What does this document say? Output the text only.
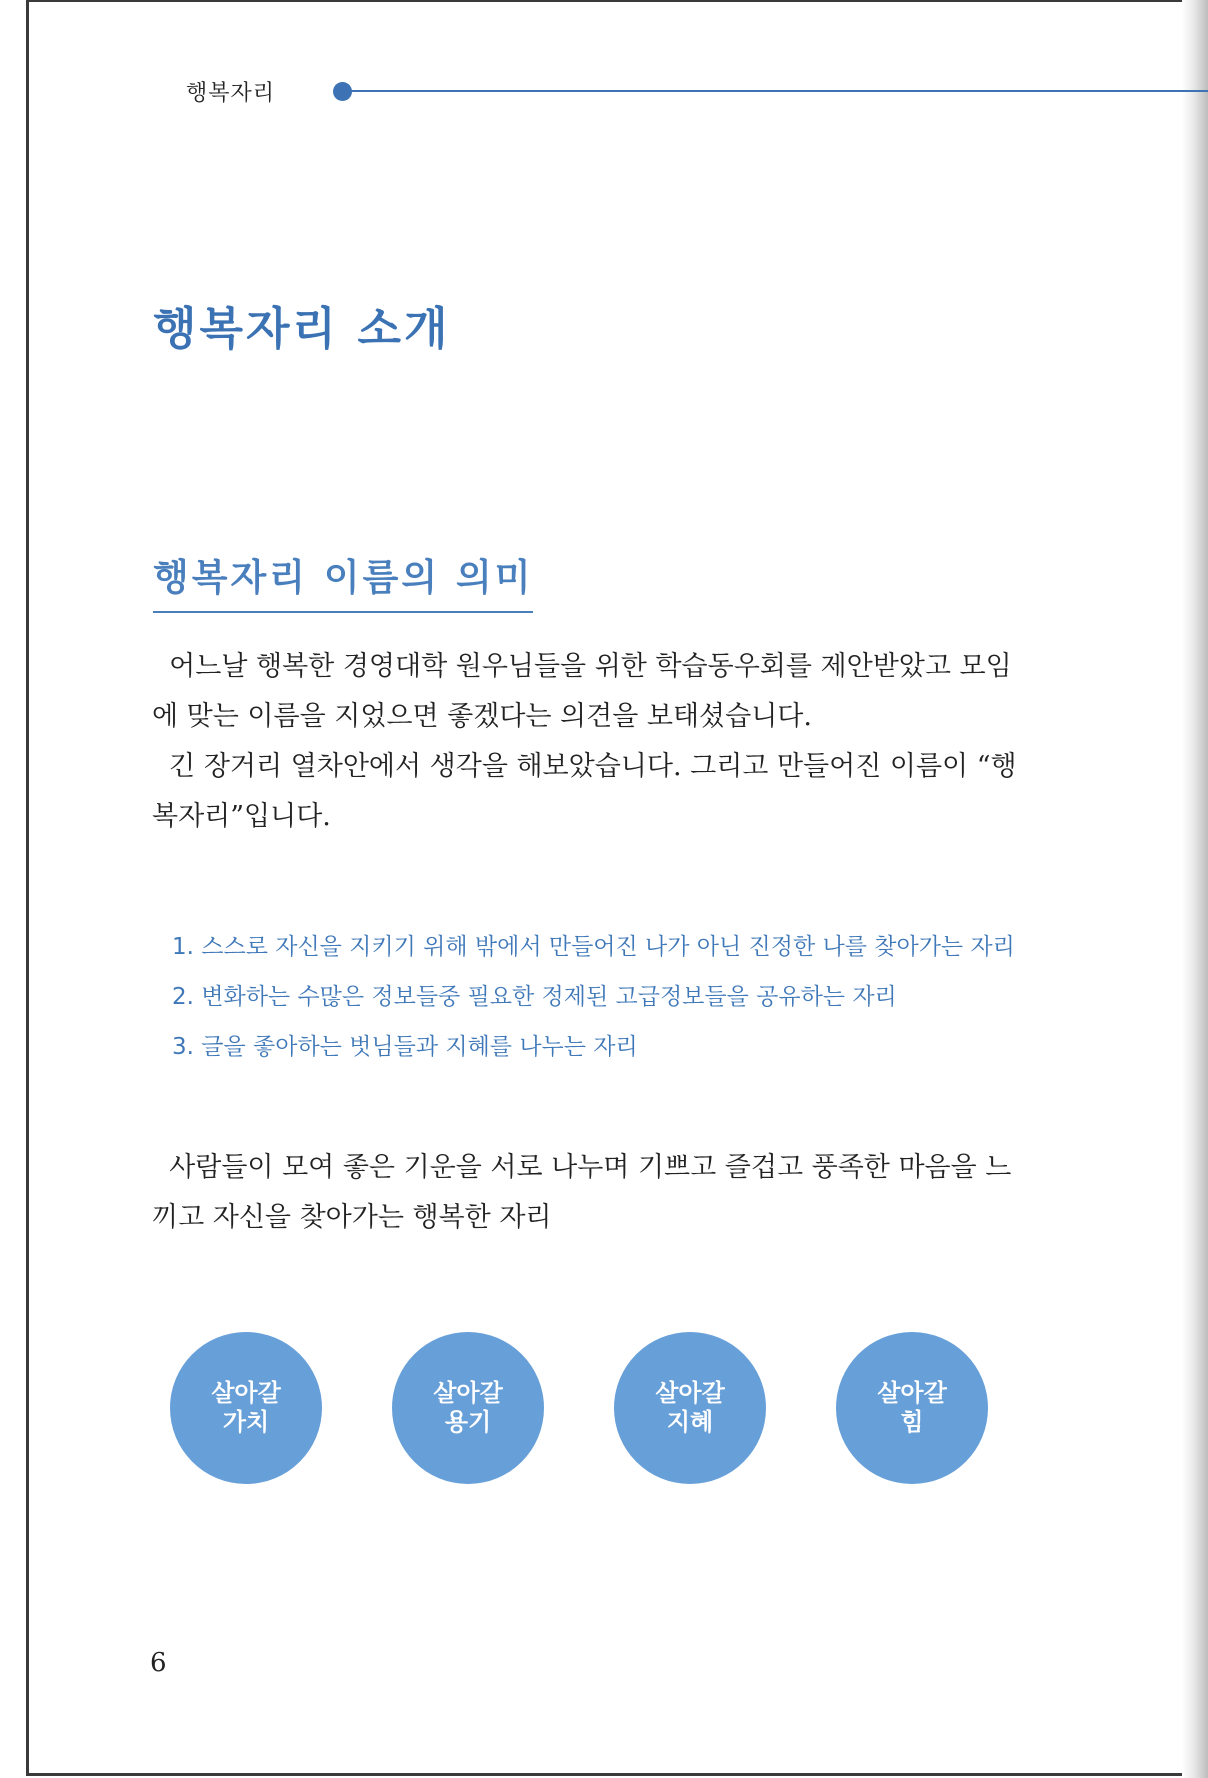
행복자리
행복자리 소개
행복자리 이름의 의미

어느날 행복한 경영대학 원우님들을 위한 학습동우회를 제안받았고 모임에 맞는 이름을 지었으면 좋겠다는 의견을 보태셨습니다.
긴 장거리 열차안에서 생각을 해보았습니다. 그리고 만들어진 이름이 “행복자리”입니다.

1. 스스로 자신을 지키기 위해 밖에서 만들어진 나가 아닌 진정한 나를 찾아가는 자리
2. 변화하는 수많은 정보들중 필요한 정제된 고급정보들을 공유하는 자리
3. 글을 좋아하는 벗님들과 지혜를 나누는 자리

사람들이 모여 좋은 기운을 서로 나누며 기쁘고 즐겁고 풍족한 마음을 느끼고 자신을 찾아가는 행복한 자리

살아갈
가치
살아갈
용기
살아갈
지혜
살아갈
힘
6
